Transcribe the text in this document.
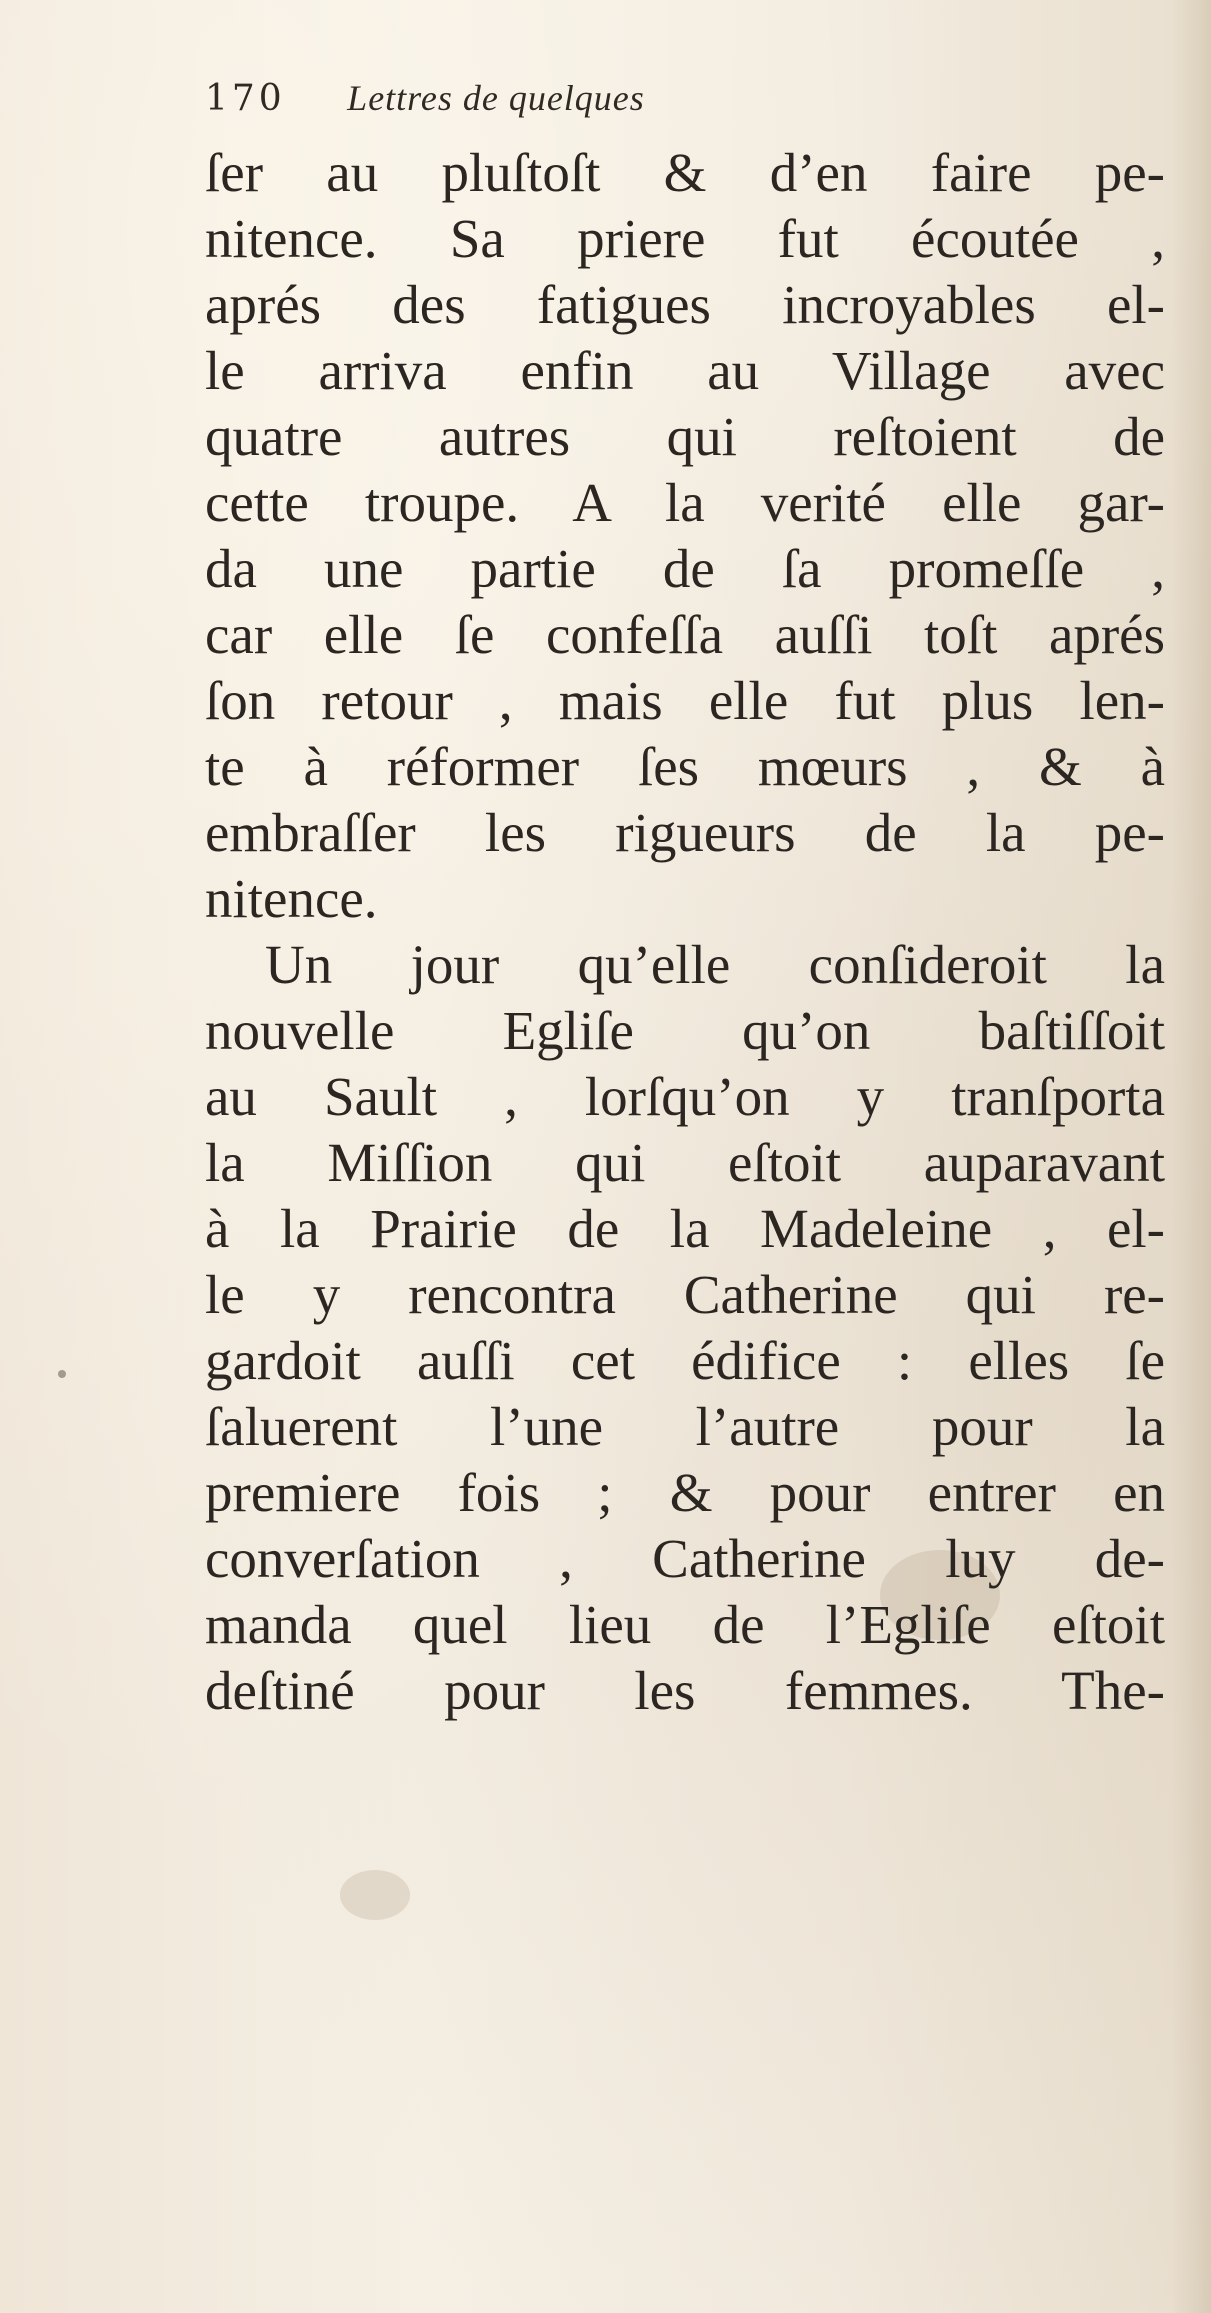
170 Lettres de quelques
ſer au pluſtoſt & d’en faire pe-
nitence. Sa priere fut écoutée ,
aprés des fatigues incroyables el-
le arriva enfin au Village avec
quatre autres qui reſtoient de
cette troupe. A la verité elle gar-
da une partie de ſa promeſſe ,
car elle ſe confeſſa auſſi toſt aprés
ſon retour , mais elle fut plus len-
te à réformer ſes mœurs , & à
embraſſer les rigueurs de la pe-
nitence.
Un jour qu’elle conſideroit la
nouvelle Egliſe qu’on baſtiſſoit
au Sault , lorſqu’on y tranſporta
la Miſſion qui eſtoit auparavant
à la Prairie de la Madeleine , el-
le y rencontra Catherine qui re-
gardoit auſſi cet édifice : elles ſe
ſaluerent l’une l’autre pour la
premiere fois ; & pour entrer en
converſation , Catherine luy de-
manda quel lieu de l’Egliſe eſtoit
deſtiné pour les femmes. The-
